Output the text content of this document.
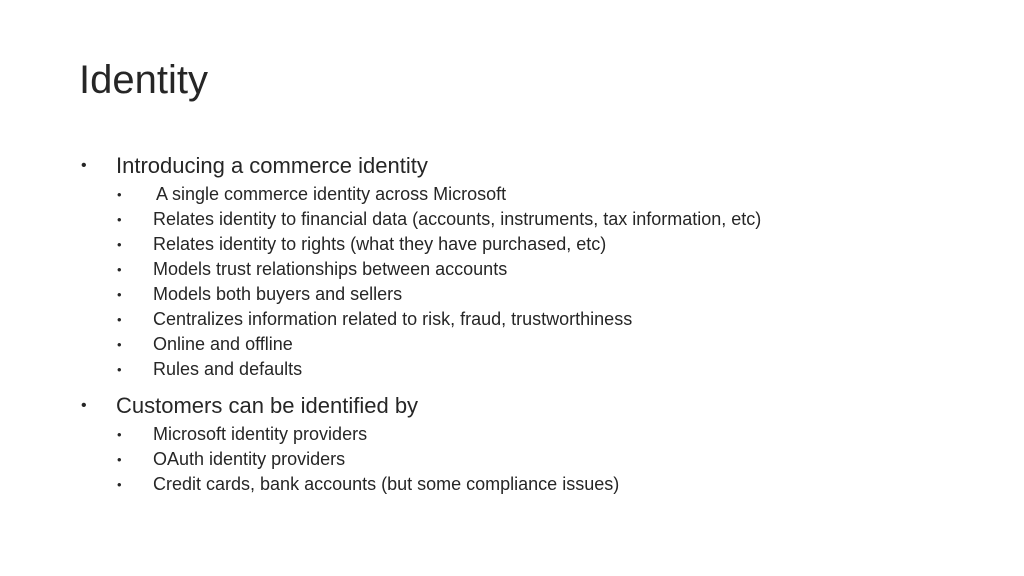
Identity
• Introducing a commerce identity
• A single commerce identity across Microsoft
• Relates identity to financial data (accounts, instruments, tax information, etc)
• Relates identity to rights (what they have purchased, etc)
• Models trust relationships between accounts
• Models both buyers and sellers
• Centralizes information related to risk, fraud, trustworthiness
• Online and offline
• Rules and defaults
• Customers can be identified by
• Microsoft identity providers
• OAuth identity providers
• Credit cards, bank accounts (but some compliance issues)
